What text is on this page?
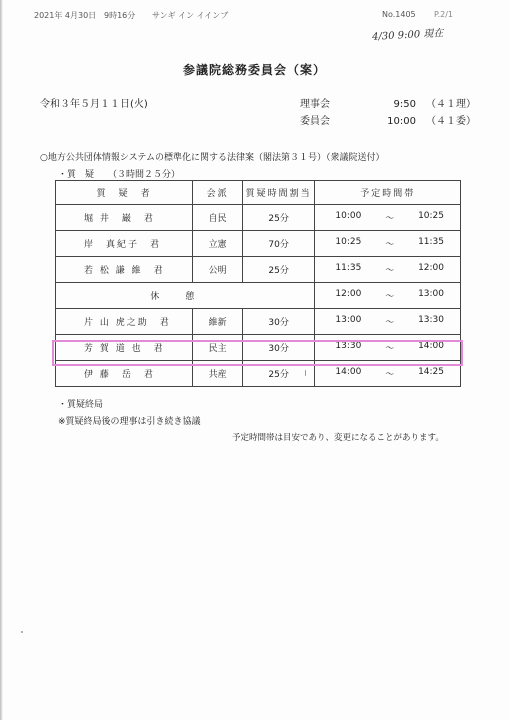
2021年 4月30日 9時16分 サンギ イン イインブ	No.1405 P.2/1
4/30 9:00 現在
参議院総務委員会（案）
令和３年５月１１日(火)	理事会	9:50 （４１理）
委員会	10:00 （４１委）
○地方公共団体情報システムの標準化に関する法律案（閣法第３１号）（衆議院送付）
・質　疑 （３時間２５分）
質　疑　者	会派	質疑時間割当	予定時間帯
堀 井　巌　君	自民	25分	10:00 ～ 10:25

岸　真紀子　君	立憲	70分	10:25 ～ 11:35

若 松 謙 維　君	公明	25分	11:35 ～ 12:00

休憩			12:00 ～ 13:00

片 山 虎之助　君	維新	30分	13:00 ～ 13:30

芳 賀 道 也　君	民主	30分	13:30 ～ 14:00

伊 藤　岳　君	共産	25分	14:00 ～ 14:25
・質疑終局
※質疑終局後の理事は引き続き協議
予定時間帯は目安であり、変更になることがあります。
